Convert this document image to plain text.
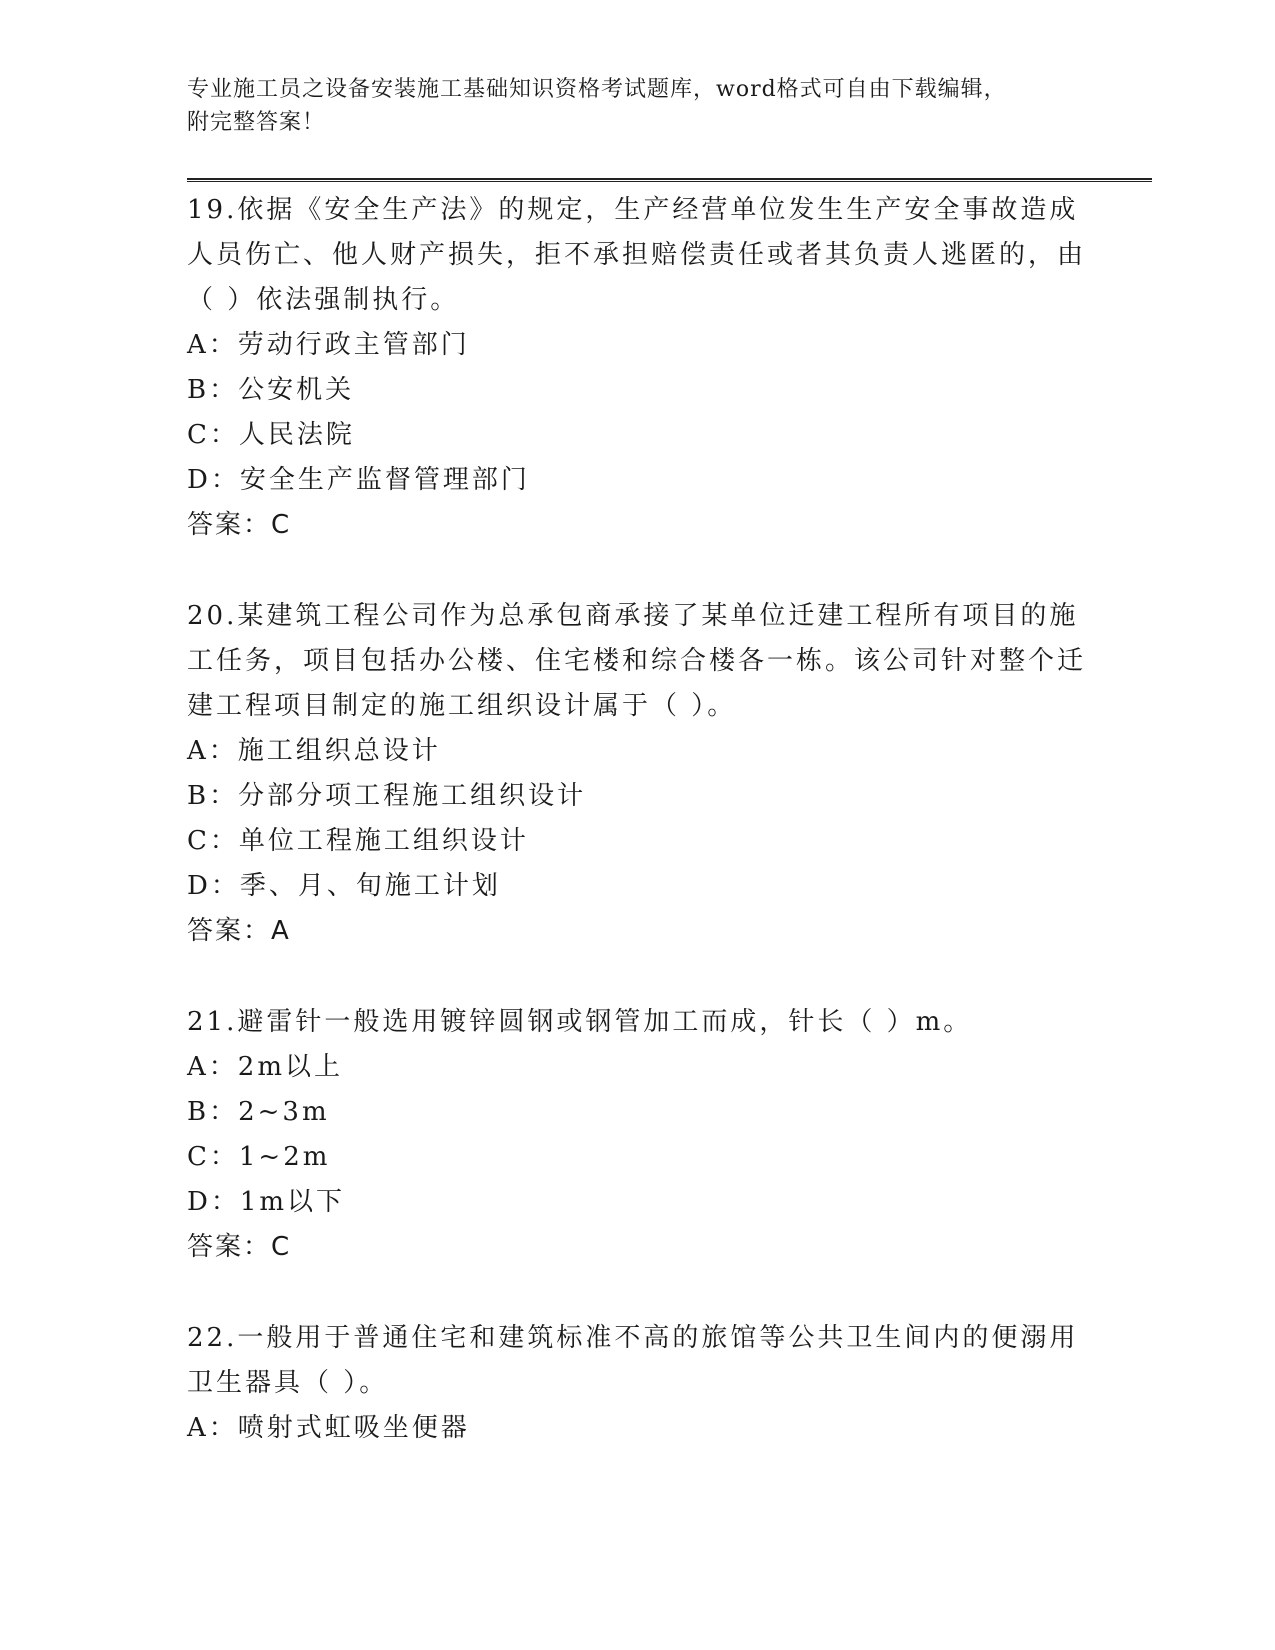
专业施工员之设备安装施工基础知识资格考试题库，word格式可自由下载编辑，
附完整答案！

19.依据《安全生产法》的规定，生产经营单位发生生产安全事故造成人员伤亡、他人财产损失，拒不承担赔偿责任或者其负责人逃匿的，由（ ）依法强制执行。

A：劳动行政主管部门

B：公安机关

C：人民法院

D：安全生产监督管理部门

答案：C

20.某建筑工程公司作为总承包商承接了某单位迁建工程所有项目的施工任务，项目包括办公楼、住宅楼和综合楼各一栋。该公司针对整个迁建工程项目制定的施工组织设计属于（ ）。

A：施工组织总设计

B：分部分项工程施工组织设计

C：单位工程施工组织设计

D：季、月、旬施工计划

答案：A

21.避雷针一般选用镀锌圆钢或钢管加工而成，针长（ ）m。

A：2m以上

B：2~3m

C：1~2m

D：1m以下

答案：C

22.一般用于普通住宅和建筑标准不高的旅馆等公共卫生间内的便溺用卫生器具（ ）。

A：喷射式虹吸坐便器
